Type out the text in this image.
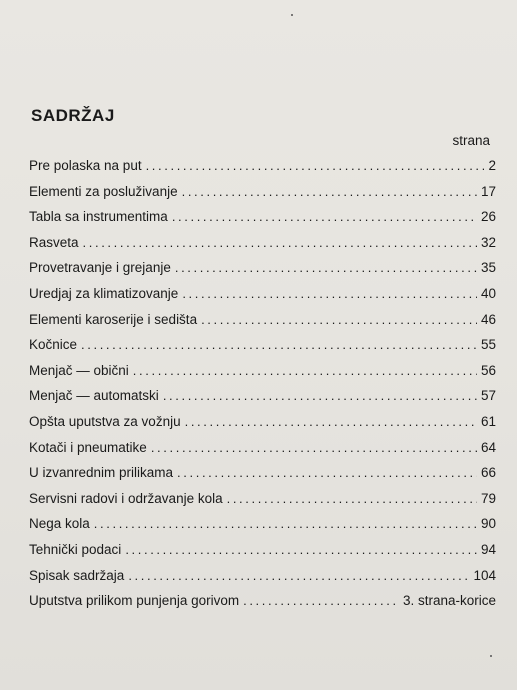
SADRŽAJ
strana
Pre polaska na put . . .	2
Elementi za posluživanje . . .	17
Tabla sa instrumentima . . .	26
Rasveta . . .	32
Provetravanje i grejanje . . .	35
Uredjaj za klimatizovanje . . .	40
Elementi karoserije i sedišta . . .	46
Kočnice . . .	55
Menjač — obični . . .	56
Menjač — automatski . . .	57
Opšta uputstva za vožnju . . .	61
Kotači i pneumatike . . .	64
U izvanrednim prilikama . . .	66
Servisni radovi i održavanje kola . . .	79
Nega kola . . .	90
Tehnički podaci . . .	94
Spisak sadržaja . . .	104
Uputstva prilikom punjenja gorivom . . .	3. strana-korice
